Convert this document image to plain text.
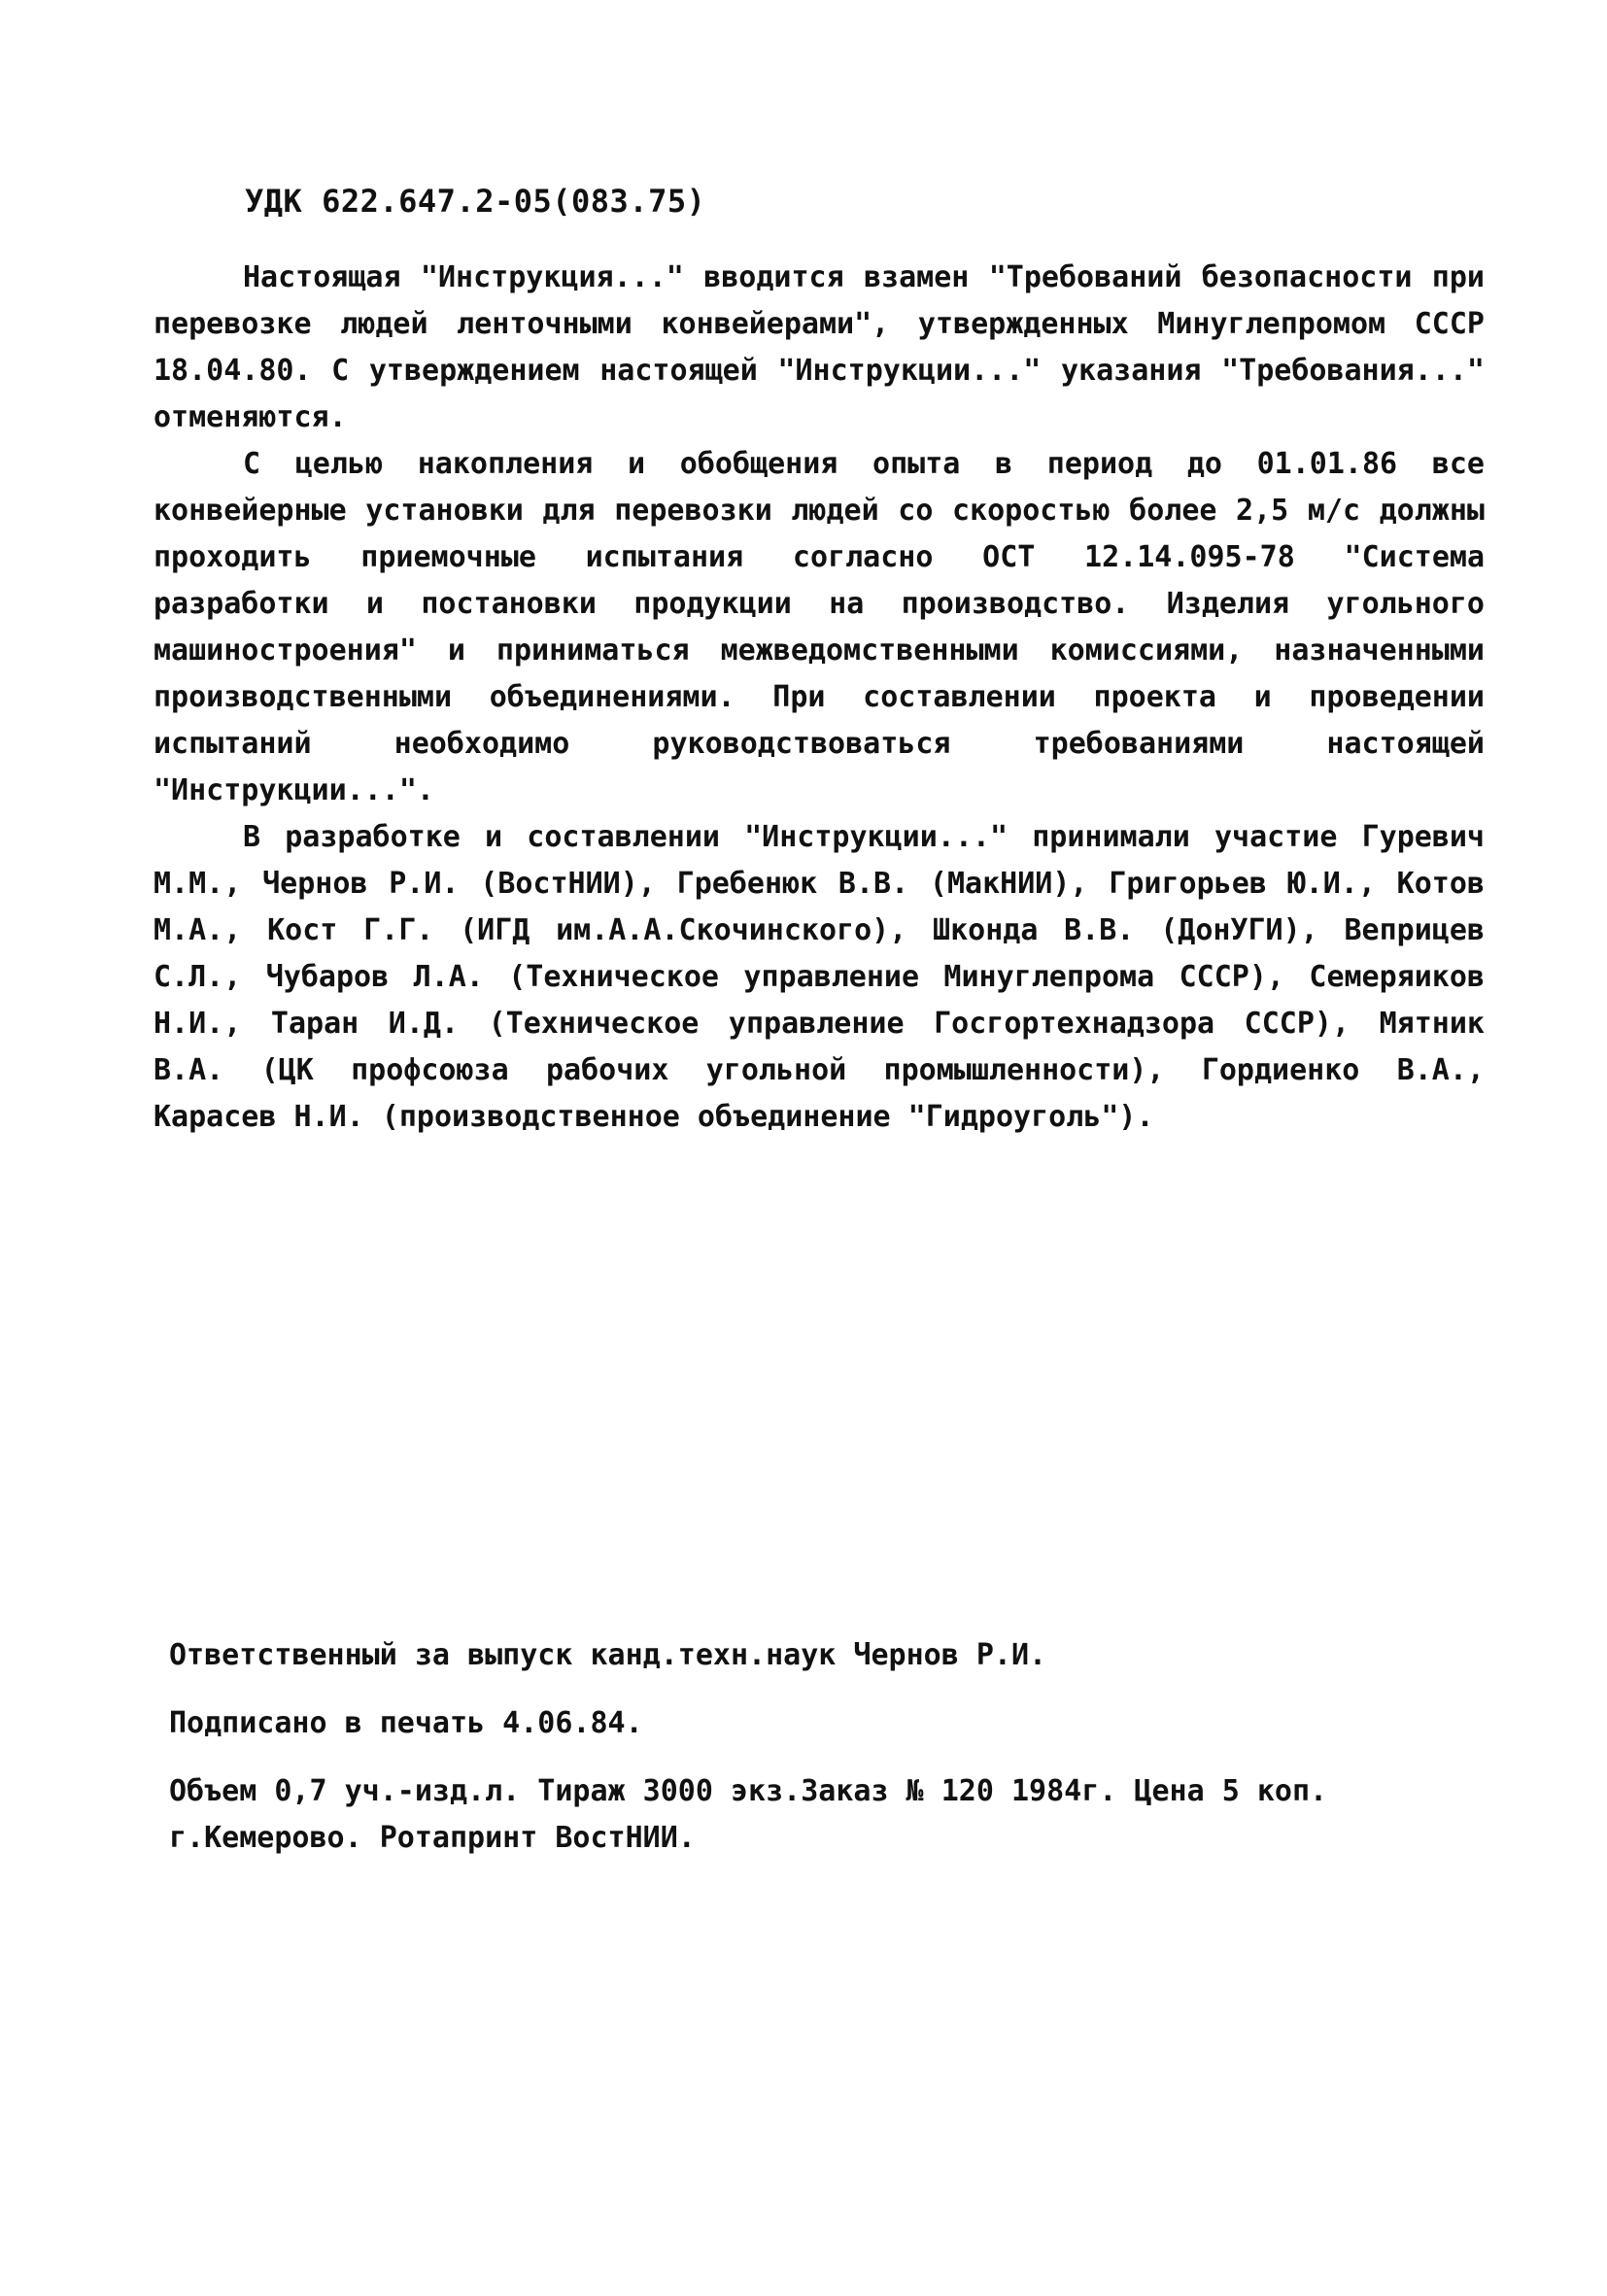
УДК 622.647.2-05(083.75)

Настоящая "Инструкция..." вводится взамен "Требований безопасности при перевозке людей ленточными конвейерами", утвержденных Минуглепромом СССР 18.04.80. С утверждением настоящей "Инструкции..." указания "Требования..." отменяются.

С целью накопления и обобщения опыта в период до 01.01.86 все конвейерные установки для перевозки людей со скоростью более 2,5 м/с должны проходить приемочные испытания согласно ОСТ 12.14.095-78 "Система разработки и постановки продукции на производство. Изделия угольного машиностроения" и приниматься межведомственными комиссиями, назначенными производственными объединениями. При составлении проекта и проведении испытаний необходимо руководствоваться требованиями настоящей "Инструкции...".

В разработке и составлении "Инструкции..." принимали участие Гуревич М.М., Чернов Р.И. (ВостНИИ), Гребенюк В.В. (МакНИИ), Григорьев Ю.И., Котов М.А., Кост Г.Г. (ИГД им.А.А.Скочинского), Шконда В.В. (ДонУГИ), Веприцев С.Л., Чубаров Л.А. (Техническое управление Минуглепрома СССР), Семеряиков Н.И., Таран И.Д. (Техническое управление Госгортехнадзора СССР), Мятник В.А. (ЦК профсоюза рабочих угольной промышленности), Гордиенко В.А., Карасев Н.И. (производственное объединение "Гидроуголь").

Ответственный за выпуск канд.техн.наук Чернов Р.И.

Подписано в печать 4.06.84.

Объем 0,7 уч.-изд.л. Тираж 3000 экз.Заказ № 120 1984г. Цена 5 коп.

г.Кемерово. Ротапринт ВостНИИ.
